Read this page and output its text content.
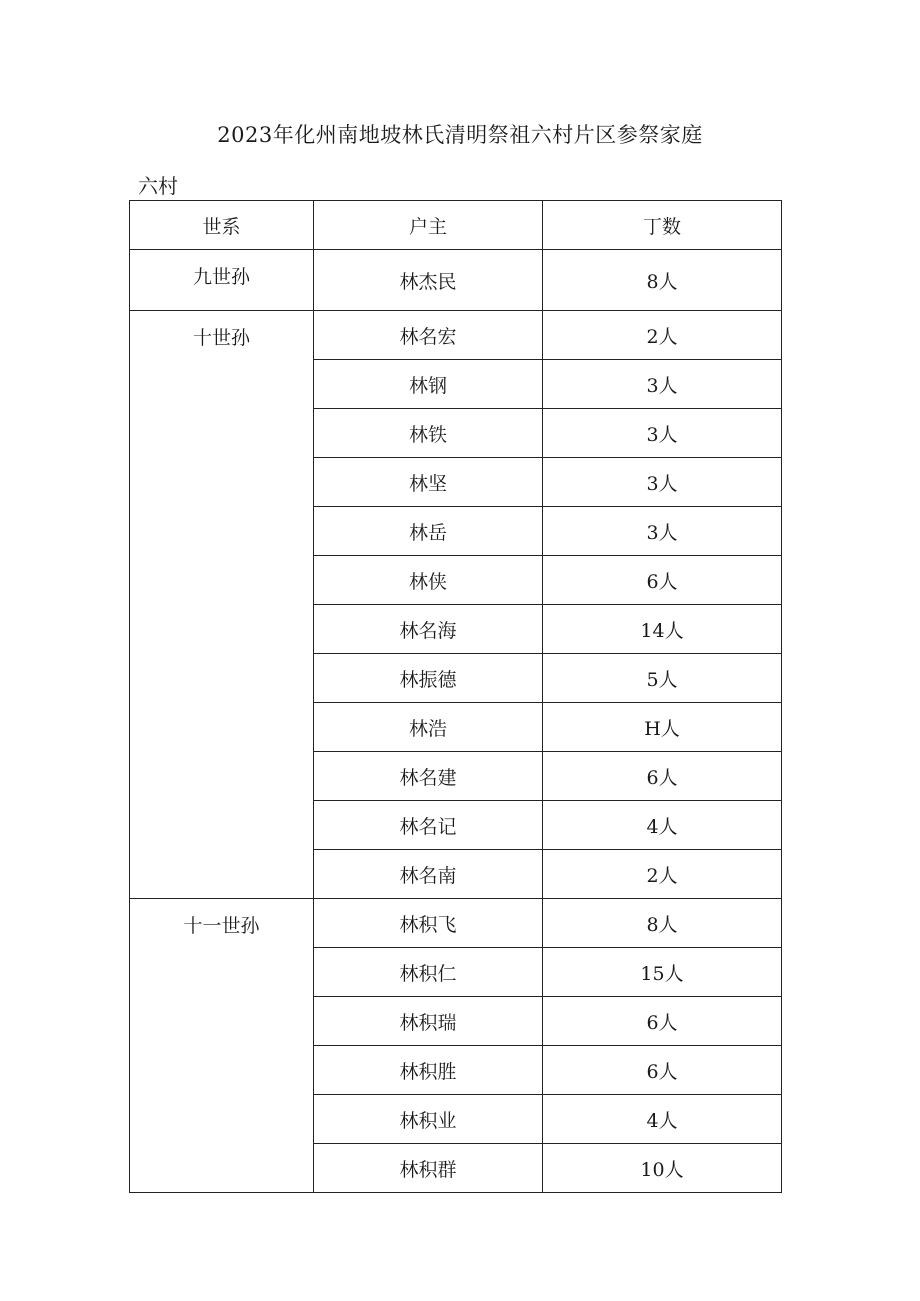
2023年化州南地坡林氏清明祭祖六村片区参祭家庭
六村
世系	户主	丁数
九世孙	林杰民	8人
十世孙	林名宏	2人
	林钢	3人
	林铁	3人
	林坚	3人
	林岳	3人
	林侠	6人
	林名海	14人
	林振德	5人
	林浩	H人
	林名建	6人
	林名记	4人
	林名南	2人
十一世孙	林积飞	8人
	林积仁	15人
	林积瑞	6人
	林积胜	6人
	林积业	4人
	林积群	10人
